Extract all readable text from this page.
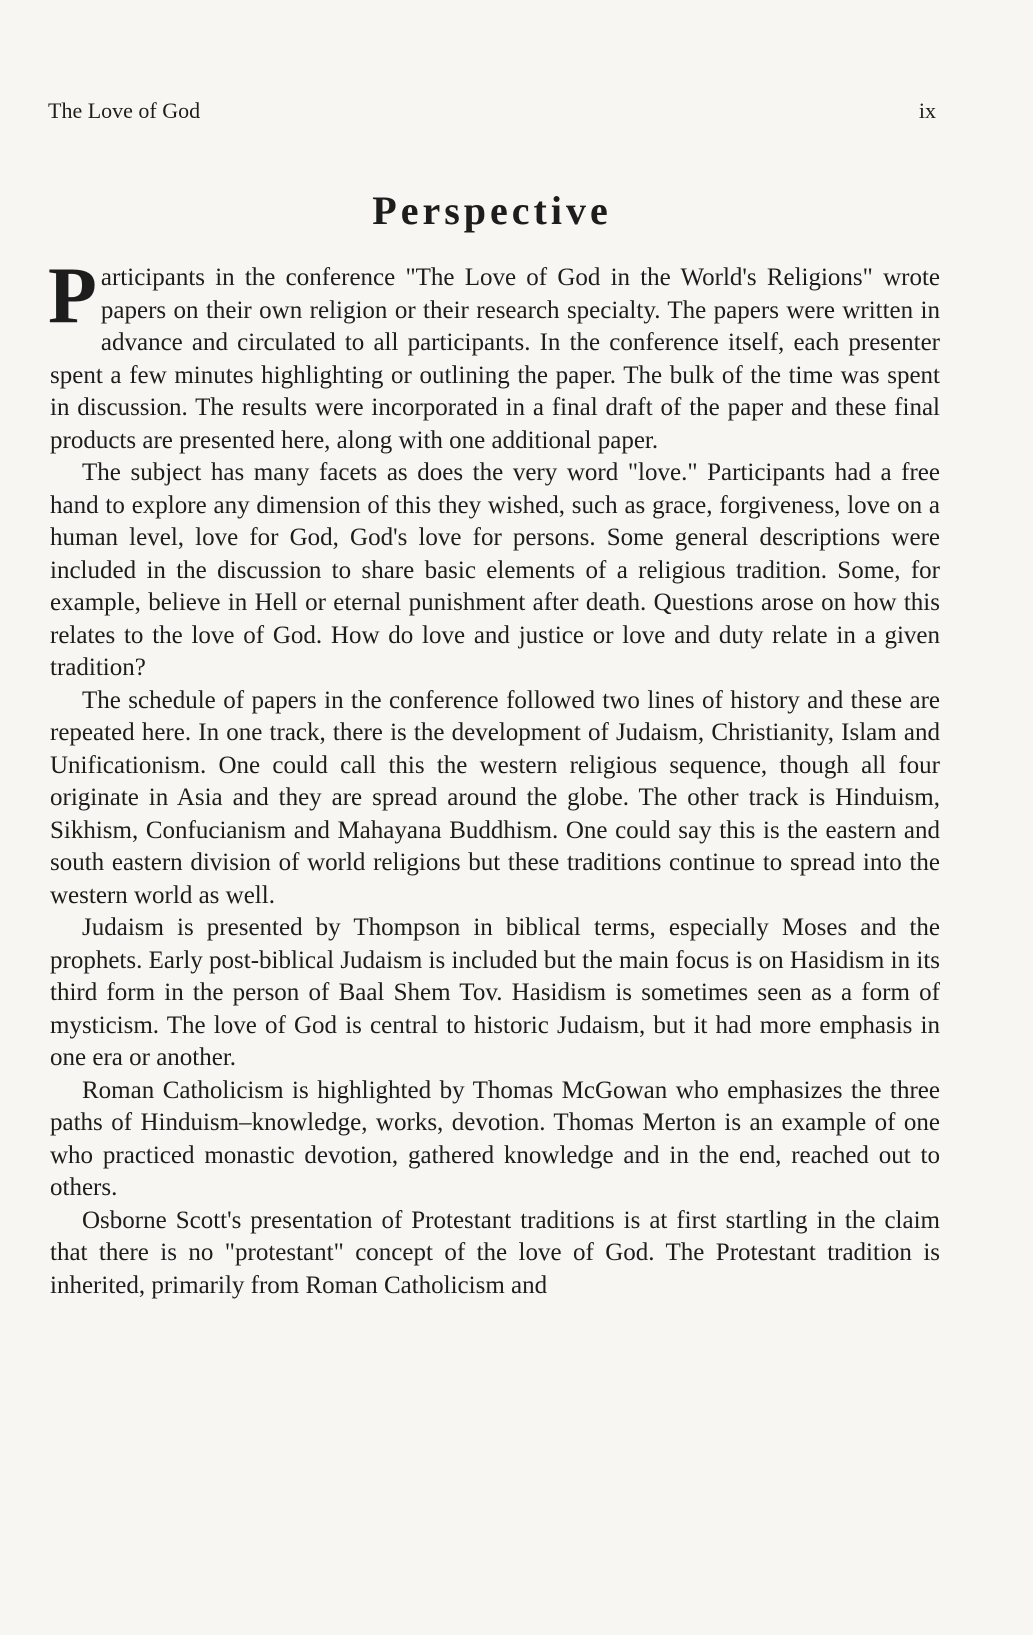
The Love of God	ix
Perspective

Participants in the conference "The Love of God in the World's Religions" wrote papers on their own religion or their research specialty. The papers were written in advance and circulated to all participants. In the conference itself, each presenter spent a few minutes highlighting or outlining the paper. The bulk of the time was spent in discussion. The results were incorporated in a final draft of the paper and these final products are presented here, along with one additional paper.

The subject has many facets as does the very word "love." Participants had a free hand to explore any dimension of this they wished, such as grace, forgiveness, love on a human level, love for God, God's love for persons. Some general descriptions were included in the discussion to share basic elements of a religious tradition. Some, for example, believe in Hell or eternal punishment after death. Questions arose on how this relates to the love of God. How do love and justice or love and duty relate in a given tradition?

The schedule of papers in the conference followed two lines of history and these are repeated here. In one track, there is the development of Judaism, Christianity, Islam and Unificationism. One could call this the western religious sequence, though all four originate in Asia and they are spread around the globe. The other track is Hinduism, Sikhism, Confucianism and Mahayana Buddhism. One could say this is the eastern and south eastern division of world religions but these traditions continue to spread into the western world as well.

Judaism is presented by Thompson in biblical terms, especially Moses and the prophets. Early post-biblical Judaism is included but the main focus is on Hasidism in its third form in the person of Baal Shem Tov. Hasidism is sometimes seen as a form of mysticism. The love of God is central to historic Judaism, but it had more emphasis in one era or another.

Roman Catholicism is highlighted by Thomas McGowan who emphasizes the three paths of Hinduism–knowledge, works, devotion. Thomas Merton is an example of one who practiced monastic devotion, gathered knowledge and in the end, reached out to others.

Osborne Scott's presentation of Protestant traditions is at first startling in the claim that there is no "protestant" concept of the love of God. The Protestant tradition is inherited, primarily from Roman Catholicism and
